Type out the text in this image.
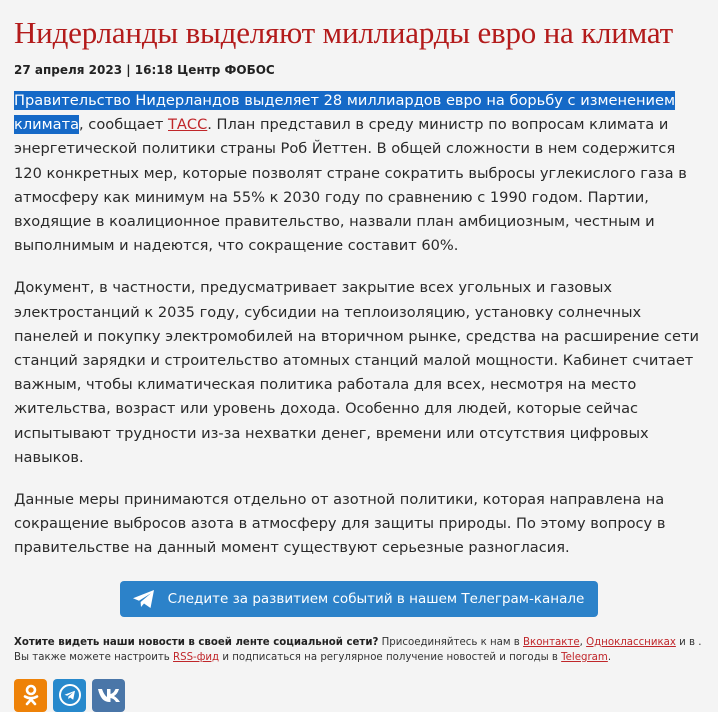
Нидерланды выделяют миллиарды евро на климат
27 апреля 2023 | 16:18 Центр ФОБОС

Правительство Нидерландов выделяет 28 миллиардов евро на борьбу с изменением климата, сообщает ТАСС. План представил в среду министр по вопросам климата и энергетической политики страны Роб Йеттен. В общей сложности в нем содержится 120 конкретных мер, которые позволят стране сократить выбросы углекислого газа в атмосферу как минимум на 55% к 2030 году по сравнению с 1990 годом. Партии, входящие в коалиционное правительство, назвали план амбициозным, честным и выполнимым и надеются, что сокращение составит 60%.

Документ, в частности, предусматривает закрытие всех угольных и газовых электростанций к 2035 году, субсидии на теплоизоляцию, установку солнечных панелей и покупку электромобилей на вторичном рынке, средства на расширение сети станций зарядки и строительство атомных станций малой мощности. Кабинет считает важным, чтобы климатическая политика работала для всех, несмотря на место жительства, возраст или уровень дохода. Особенно для людей, которые сейчас испытывают трудности из-за нехватки денег, времени или отсутствия цифровых навыков.

Данные меры принимаются отдельно от азотной политики, которая направлена на сокращение выбросов азота в атмосферу для защиты природы. По этому вопросу в правительстве на данный момент существуют серьезные разногласия.

Следите за развитием событий в нашем Телеграм-канале
Хотите видеть наши новости в своей ленте социальной сети? Присоединяйтесь к нам в Вконтакте, Одноклассниках и в . Вы также можете настроить RSS-фид и подписаться на регулярное получение новостей и погоды в Telegram.
